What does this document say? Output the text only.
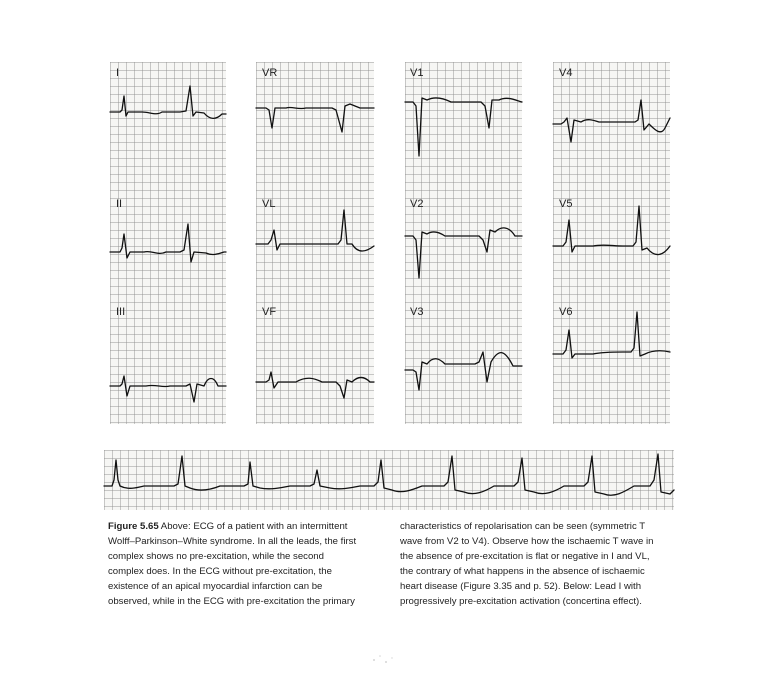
I
II
III
VR
VL
VF
V1
V2
V3
V4
V5
V6
Figure 5.65 Above: ECG of a patient with an intermittent
Wolff–Parkinson–White syndrome. In all the leads, the first
complex shows no pre-excitation, while the second
complex does. In the ECG without pre-excitation, the
existence of an apical myocardial infarction can be
observed, while in the ECG with pre-excitation the primary
characteristics of repolarisation can be seen (symmetric T
wave from V2 to V4). Observe how the ischaemic T wave in
the absence of pre-excitation is flat or negative in I and VL,
the contrary of what happens in the absence of ischaemic
heart disease (Figure 3.35 and p. 52). Below: Lead I with
progressively pre-excitation activation (concertina effect).
